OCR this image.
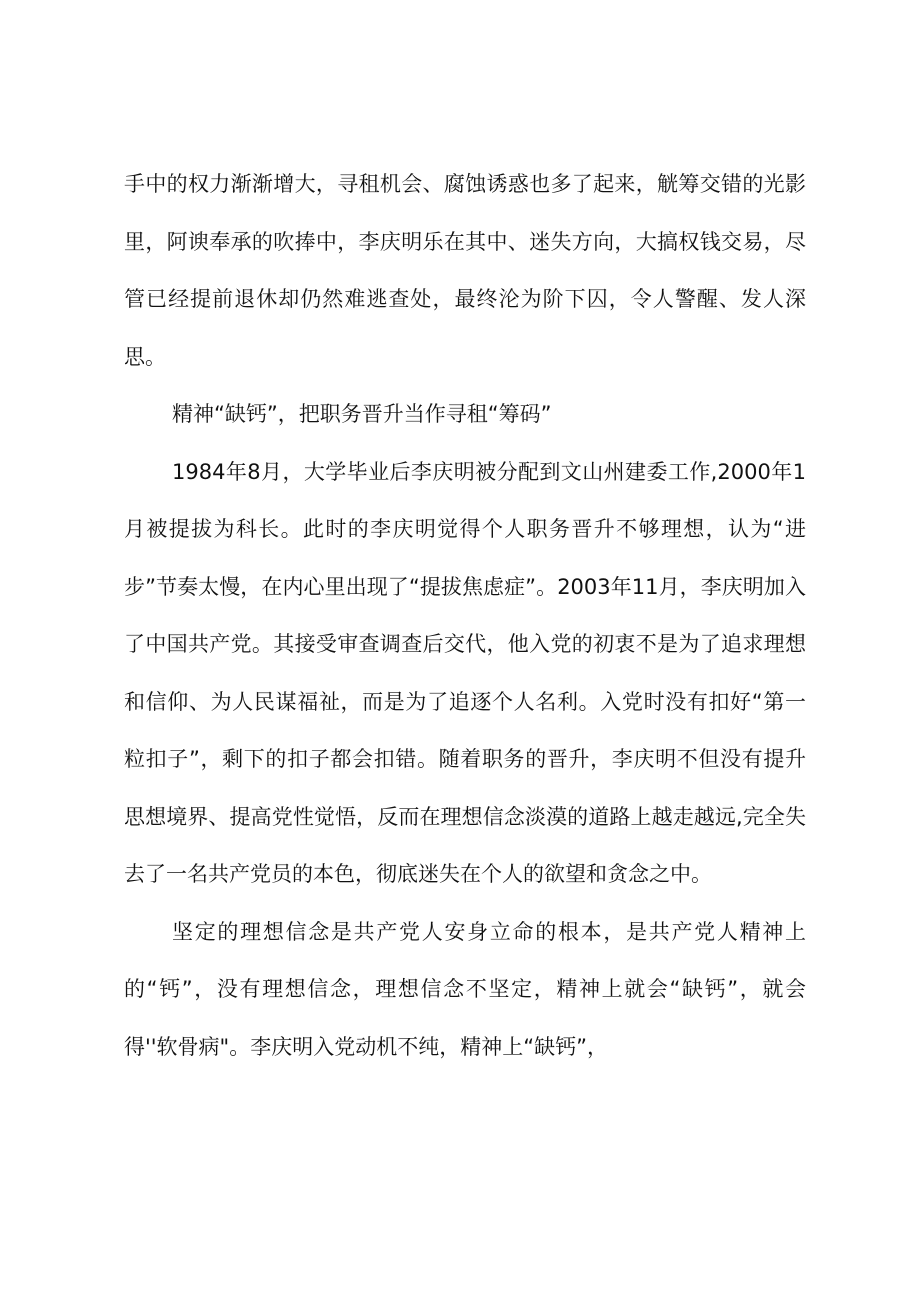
手中的权力渐渐增大，寻租机会、腐蚀诱惑也多了起来，觥筹交错的光影里，阿谀奉承的吹捧中，李庆明乐在其中、迷失方向，大搞权钱交易，尽管已经提前退休却仍然难逃查处，最终沦为阶下囚，令人警醒、发人深思。

精神“缺钙”，把职务晋升当作寻租“筹码”

1984年8月，大学毕业后李庆明被分配到文山州建委工作,2000年1月被提拔为科长。此时的李庆明觉得个人职务晋升不够理想，认为“进步”节奏太慢，在内心里出现了“提拔焦虑症”。2003年11月，李庆明加入了中国共产党。其接受审查调查后交代，他入党的初衷不是为了追求理想和信仰、为人民谋福祉，而是为了追逐个人名利。入党时没有扣好“第一粒扣子”，剩下的扣子都会扣错。随着职务的晋升，李庆明不但没有提升思想境界、提高党性觉悟，反而在理想信念淡漠的道路上越走越远,完全失去了一名共产党员的本色，彻底迷失在个人的欲望和贪念之中。

坚定的理想信念是共产党人安身立命的根本，是共产党人精神上的“钙”，没有理想信念，理想信念不坚定，精神上就会“缺钙”，就会得''软骨病"。李庆明入党动机不纯，精神上“缺钙”，
